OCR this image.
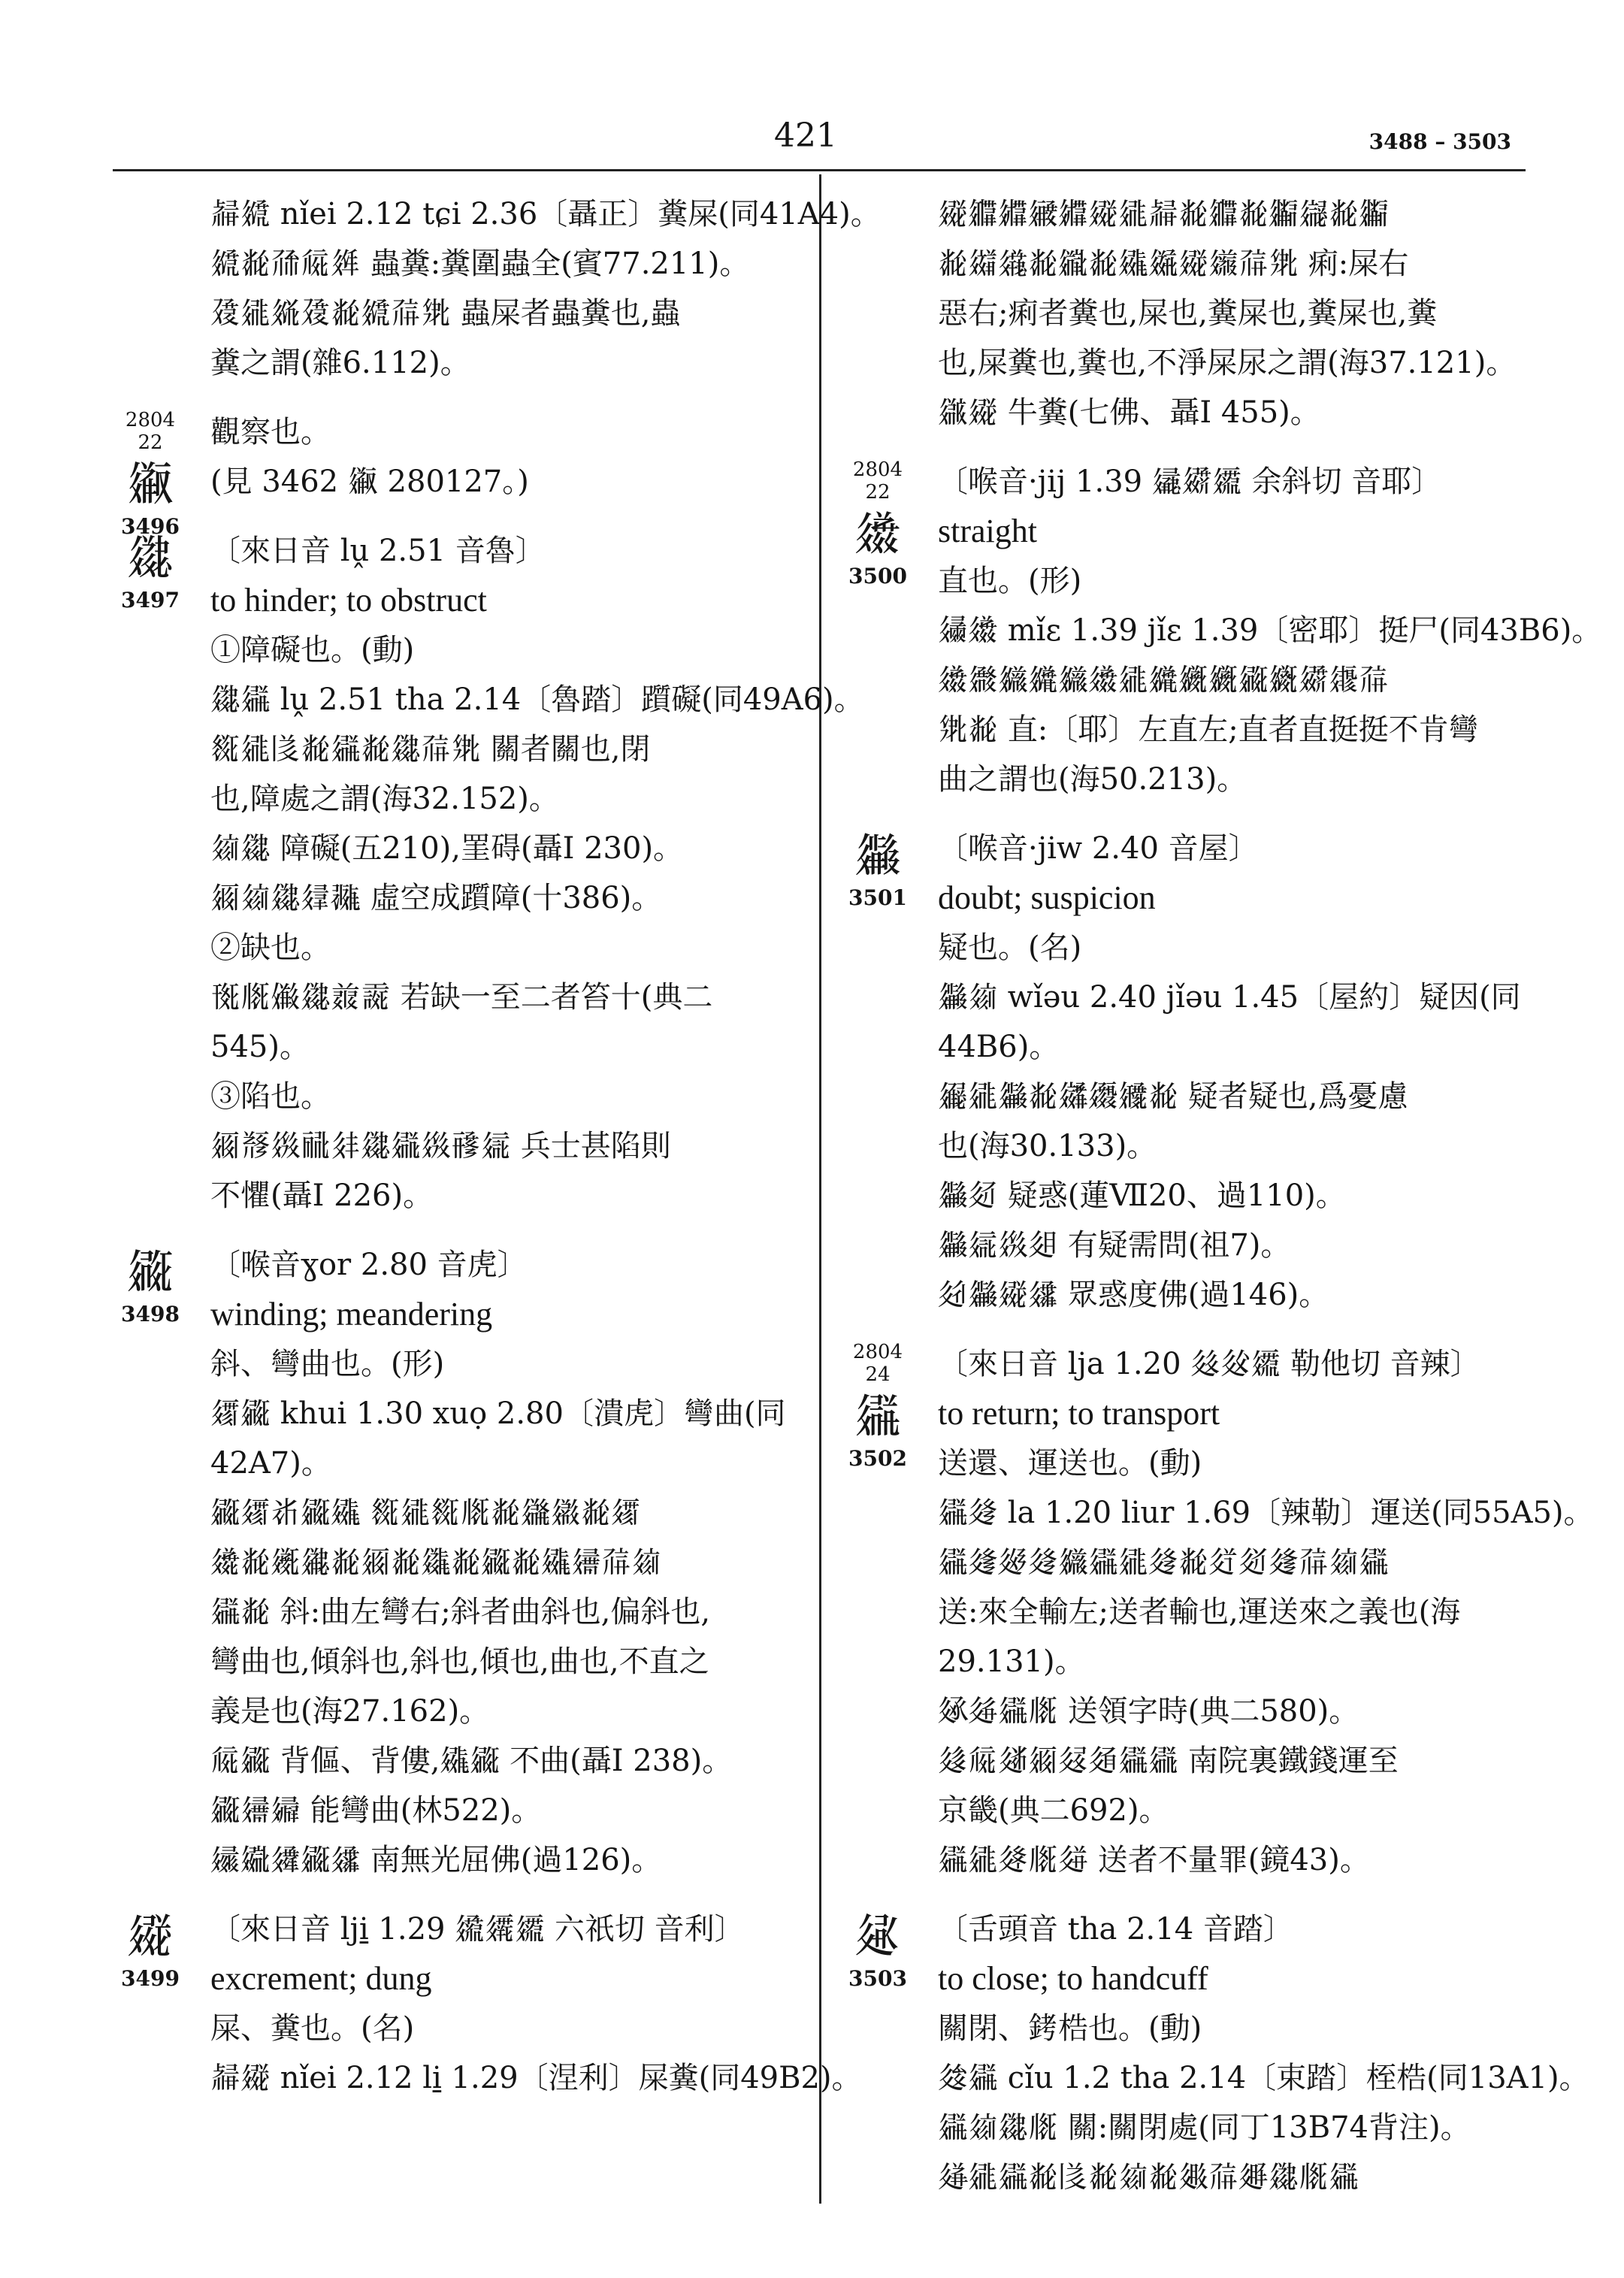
421	3488 – 3503
𘉇𗨳 nǐei 2.12 tɕi 2.36〔聶正〕糞屎(同41A4)。
𗨳𘂏𗗙𗏁𗤶 蟲糞:糞圍蟲全(賓77.211)。
𗗿𗧓𗤷𗗿𘂏𗨳𗗚𗊢 蟲屎者蟲糞也,蟲
糞之謂(雜6.112)。
2804
22
𗪨
3496
觀察也。
(見 3462 𗪨 280127。)
𗪩
3497
〔來日音 lṷ 2.51 音魯〕
to hinder; to obstruct
①障礙也。(動)
𗪩𗪪 lṷ 2.51 tha 2.14〔魯踏〕躓礙(同49A6)。
𗬱𗧓𗁅𘂏𗪪𘂏𗪩𗗚𗊢 關者關也,閉
也,障處之謂(海32.152)。
𗦻𗪩 障礙(五210),罣碍(聶I 230)。
𗥃𗦻𗪩𗧎𗖵 虛空成躓障(十386)。
②缺也。
𗍊𗅋𗏹𗪩𗓱𗍥 若缺一至二者笞十(典二
545)。
③陷也。
𗥃𘃡𗤺𗟻𗢳𗪩𗪫𗤺𗟭𗦇 兵士甚陷則
不懼(聶I 226)。
𗪬
3498
〔喉音ɣor 2.80 音虎〕
winding; meandering
斜、彎曲也。(形)
𗨻𗪬 khui 1.30 xuọ 2.80〔潰虎〕彎曲(同
42A7)。
𗪬𗨻𘂆𗪬𗪭 𗬱𗧓𗬱𗅋𘂏𗫈𗫉𘂏𗨻
𗫊𘂏𗫋𗫌𘂏𗥃𘂏𗫍𘂏𗪬𘂏𗪭𗫎𗗚𗦻
𗪪𘂏 斜:曲左彎右;斜者曲斜也,偏斜也,
彎曲也,傾斜也,斜也,傾也,曲也,不直之
義是也(海27.162)。
𗏁𗪬 背傴、背僂,𗪭𗪬 不曲(聶I 238)。
𗪬𗫎𗫏 能彎曲(林522)。
𗫐𗫑𗫒𗪬𗫓 南無光屈佛(過126)。
𗪮
3499
〔來日音 lji̱ 1.29 𗫔𗫕𗫖 六祇切 音利〕
excrement; dung
屎、糞也。(名)
𘉇𗪮 nǐei 2.12 li̱ 1.29〔涅利〕屎糞(同49B2)。
𗪮𗫗𗫘𗫙𗫘𗪮𗧓𘉇𘂏𗫗𘂏𗫚𗫛𘂏𗫚
𘂏𗫜𗫝𘂏𗫞𘂏𗪭𗫟𗪮𗫠𗗚𗊢 痢:屎右
惡右;痢者糞也,屎也,糞屎也,糞屎也,糞
也,屎糞也,糞也,不淨屎尿之謂(海37.121)。
𗫡𗪮 牛糞(七佛、聶I 455)。
2804
22
𗫢
3500
〔喉音·jij 1.39 𗫣𗫤𗫖 余斜切 音耶〕
straight
直也。(形)
𗫥𗫢 mǐɛ 1.39 jǐɛ 1.39〔密耶〕挺尸(同43B6)。
𗫢𗫦𗫧𗫨𗫧𗫢𗧓𗫨𗫩𗫩𗪬𗫪𗫤𗫫𗗚
𗊢𘂏 直:〔耶〕左直左;直者直挺挺不肯彎
曲之謂也(海50.213)。
𗫬
3501
〔喉音·jiw 2.40 音屋〕
doubt; suspicion
疑也。(名)
𗫬𗦻 wǐəu 2.40 jǐəu 1.45〔屋約〕疑因(同
44B6)。
𗫭𗧓𗫬𘂏𗫮𗫯𗫰𘂏 疑者疑也,爲憂慮
也(海30.133)。
𗫬𗫱 疑惑(蓮Ⅶ20、過110)。
𗫬𗦇𗤺𗫲 有疑需問(祖7)。
𗫳𗫬𗪮𗫓 眾惑度佛(過146)。
2804
24
𗪪
3502
〔來日音 lja 1.20 𗫴𗫵𗫖 勒他切 音辣〕
to return; to transport
送還、運送也。(動)
𗪪𗫶 la 1.20 liur 1.69〔辣勒〕運送(同55A5)。
𗪪𗫷𗫸𗫶𗫧𗪪𗧓𗫶𘂏𗫹𗫺𗫷𗗚𗦻𗪪
送:來全輸左;送者輸也,運送來之義也(海
29.131)。
𗫻𗫼𗪪𗅋 送領字時(典二580)。
𗫽𗏁𗫾𗥃𗫿𗬀𗪪𗪫 南院裏鐵錢運至
京畿(典二692)。
𗪪𗧓𗬁𗅋𗬂 送者不量罪(鏡43)。
𗬃
3503
〔舌頭音 tha 2.14 音踏〕
to close; to handcuff
關閉、銬梏也。(動)
𗬄𗪪 cǐu 1.2 tha 2.14〔束踏〕桎梏(同13A1)。
𗪪𗦻𗪩𗅋 關:關閉處(同丁13B74背注)。
𗬅𗧓𗪪𘂏𗁅𘂏𗦻𘂏𗬆𗗚𗬇𗪩𗅋𗪪
